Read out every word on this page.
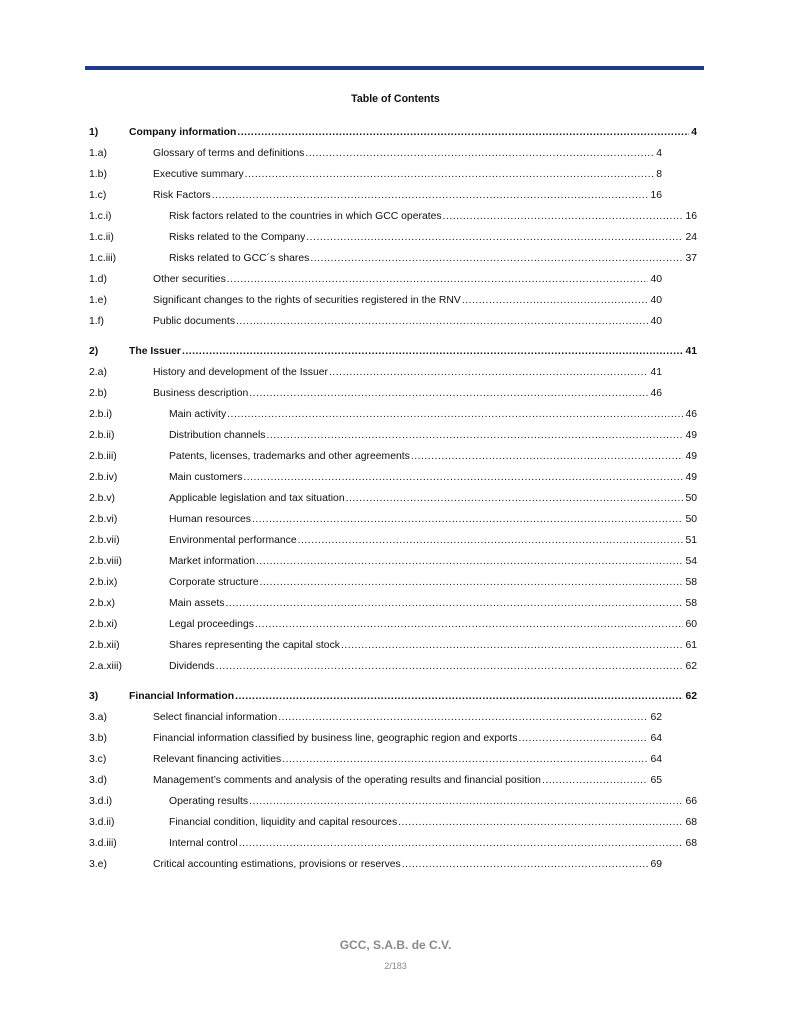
Table of Contents
1)	Company information .....	4
1.a)	Glossary of terms and definitions .....	4
1.b)	Executive summary .....	8
1.c)	Risk Factors .....	16
1.c.i)	Risk factors related to the countries in which GCC operates .....	16
1.c.ii)	Risks related to the Company .....	24
1.c.iii)	Risks related to GCC´s shares .....	37
1.d)	Other securities .....	40
1.e)	Significant changes to the rights of securities registered in the RNV .....	40
1.f)	Public documents .....	40
2)	The Issuer .....	41
2.a)	History and development of the Issuer .....	41
2.b)	Business description .....	46
2.b.i)	Main activity .....	46
2.b.ii)	Distribution channels .....	49
2.b.iii)	Patents, licenses, trademarks and other agreements .....	49
2.b.iv)	Main customers .....	49
2.b.v)	Applicable legislation and tax situation .....	50
2.b.vi)	Human resources .....	50
2.b.vii)	Environmental performance .....	51
2.b.viii)	Market information .....	54
2.b.ix)	Corporate structure .....	58
2.b.x)	Main assets .....	58
2.b.xi)	Legal proceedings .....	60
2.b.xii)	Shares representing the capital stock .....	61
2.a.xiii)	Dividends .....	62
3)	Financial Information .....	62
3.a)	Select financial information .....	62
3.b)	Financial information classified by business line, geographic region and exports .....	64
3.c)	Relevant financing activities .....	64
3.d)	Management’s comments and analysis of the operating results and financial position .....	65
3.d.i)	Operating results .....	66
3.d.ii)	Financial condition, liquidity and capital resources .....	68
3.d.iii)	Internal control .....	68
3.e)	Critical accounting estimations, provisions or reserves .....	69
GCC, S.A.B. de C.V.
2/183
